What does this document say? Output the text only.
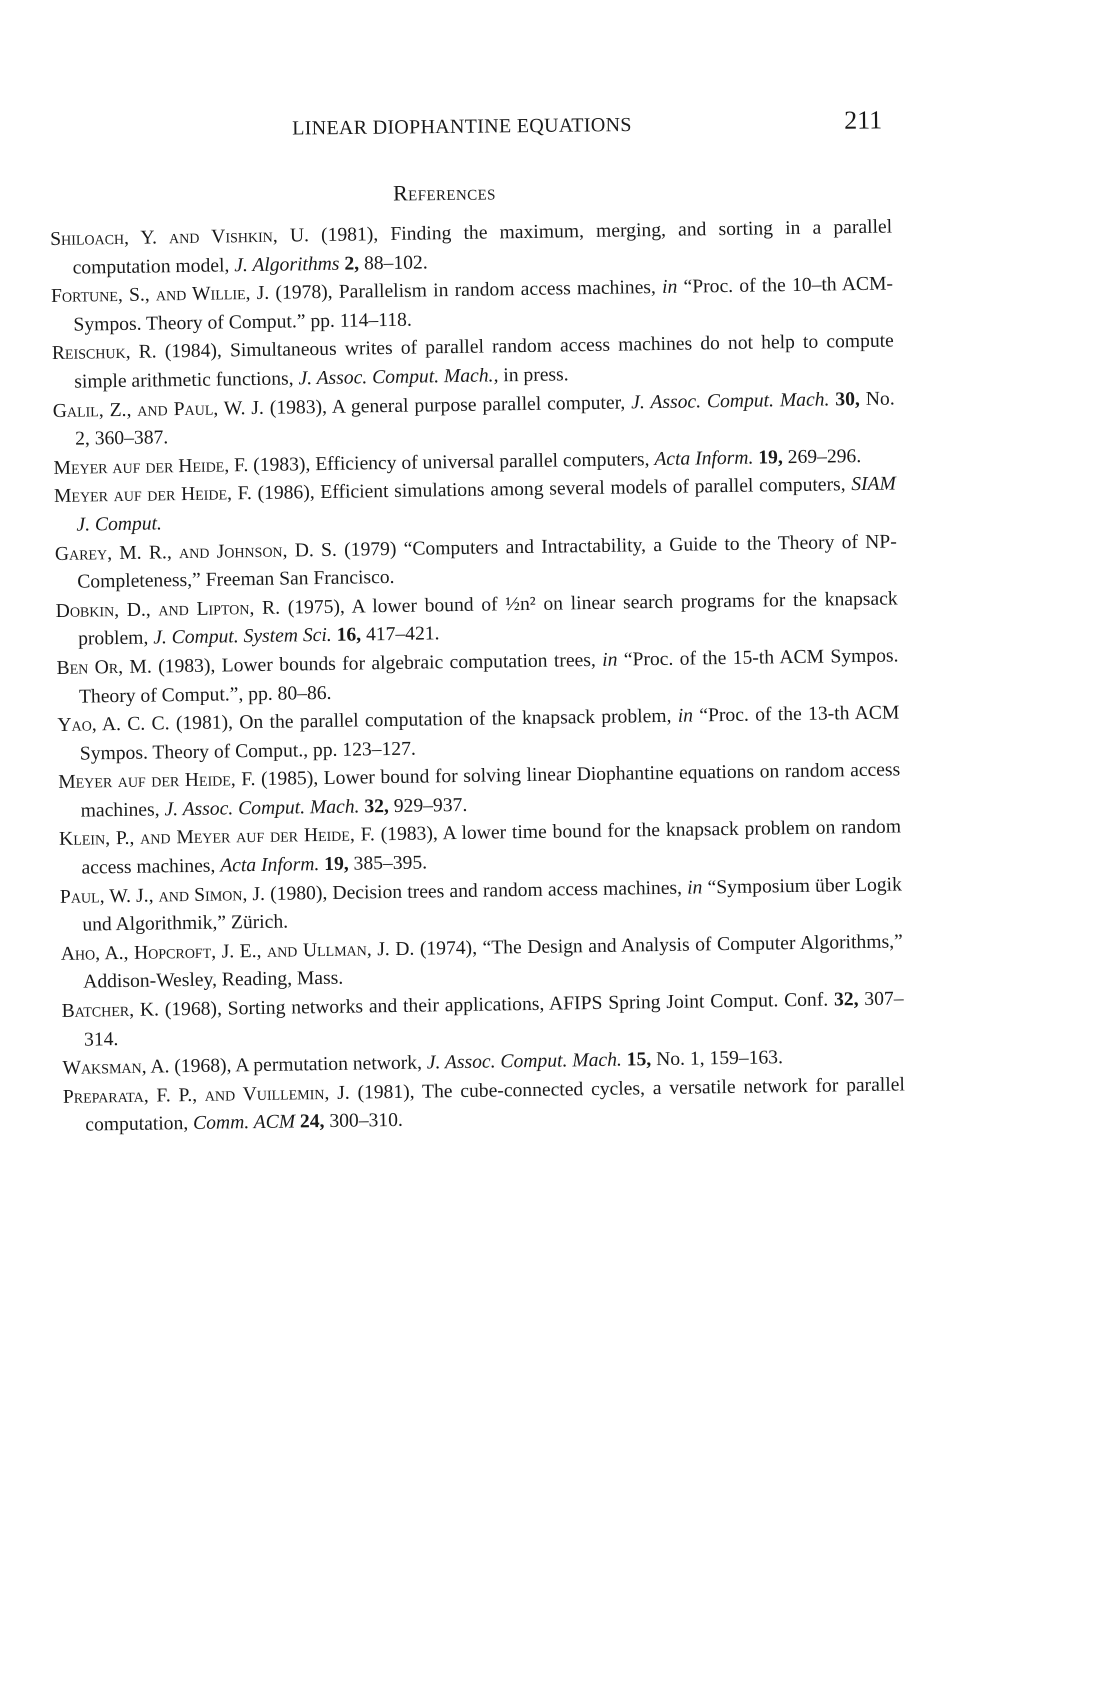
LINEAR DIOPHANTINE EQUATIONS	211
References

Shiloach, Y. and Vishkin, U. (1981), Finding the maximum, merging, and sorting in a parallel computation model, J. Algorithms 2, 88–102.

Fortune, S., and Willie, J. (1978), Parallelism in random access machines, in “Proc. of the 10–th ACM-Sympos. Theory of Comput.” pp. 114–118.

Reischuk, R. (1984), Simultaneous writes of parallel random access machines do not help to compute simple arithmetic functions, J. Assoc. Comput. Mach., in press.

Galil, Z., and Paul, W. J. (1983), A general purpose parallel computer, J. Assoc. Comput. Mach. 30, No. 2, 360–387.

Meyer auf der Heide, F. (1983), Efficiency of universal parallel computers, Acta Inform. 19, 269–296.

Meyer auf der Heide, F. (1986), Efficient simulations among several models of parallel computers, SIAM J. Comput.

Garey, M. R., and Johnson, D. S. (1979) “Computers and Intractability, a Guide to the Theory of NP-Completeness,” Freeman San Francisco.

Dobkin, D., and Lipton, R. (1975), A lower bound of ½n² on linear search programs for the knapsack problem, J. Comput. System Sci. 16, 417–421.

Ben Or, M. (1983), Lower bounds for algebraic computation trees, in “Proc. of the 15-th ACM Sympos. Theory of Comput.”, pp. 80–86.

Yao, A. C. C. (1981), On the parallel computation of the knapsack problem, in “Proc. of the 13-th ACM Sympos. Theory of Comput., pp. 123–127.

Meyer auf der Heide, F. (1985), Lower bound for solving linear Diophantine equations on random access machines, J. Assoc. Comput. Mach. 32, 929–937.

Klein, P., and Meyer auf der Heide, F. (1983), A lower time bound for the knapsack problem on random access machines, Acta Inform. 19, 385–395.

Paul, W. J., and Simon, J. (1980), Decision trees and random access machines, in “Symposium über Logik und Algorithmik,” Zürich.

Aho, A., Hopcroft, J. E., and Ullman, J. D. (1974), “The Design and Analysis of Computer Algorithms,” Addison-Wesley, Reading, Mass.

Batcher, K. (1968), Sorting networks and their applications, AFIPS Spring Joint Comput. Conf. 32, 307–314.

Waksman, A. (1968), A permutation network, J. Assoc. Comput. Mach. 15, No. 1, 159–163.

Preparata, F. P., and Vuillemin, J. (1981), The cube-connected cycles, a versatile network for parallel computation, Comm. ACM 24, 300–310.
